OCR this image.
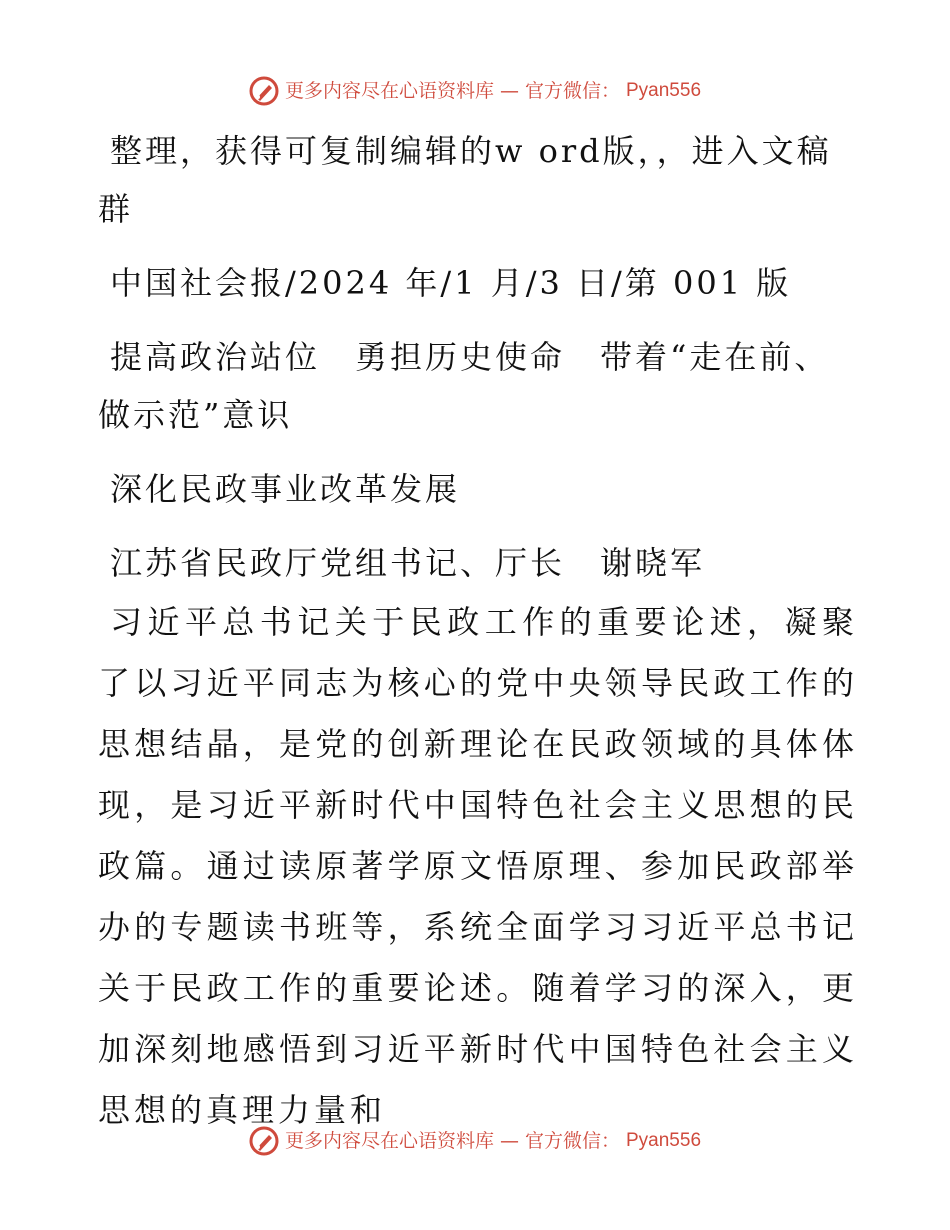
更多内容尽在心语资料库 — 官方微信： Pyan556

整理，获得可复制编辑的w ord版，，进入文稿群

中国社会报/2024 年/1 月/3 日/第 001 版

提高政治站位　勇担历史使命　带着“走在前、做示范”意识

深化民政事业改革发展

江苏省民政厅党组书记、厅长　谢晓军

习近平总书记关于民政工作的重要论述，凝聚了以习近平同志为核心的党中央领导民政工作的思想结晶，是党的创新理论在民政领域的具体体现，是习近平新时代中国特色社会主义思想的民政篇。通过读原著学原文悟原理、参加民政部举办的专题读书班等，系统全面学习习近平总书记关于民政工作的重要论述。随着学习的深入，更加深刻地感悟到习近平新时代中国特色社会主义思想的真理力量和

更多内容尽在心语资料库 — 官方微信： Pyan556
